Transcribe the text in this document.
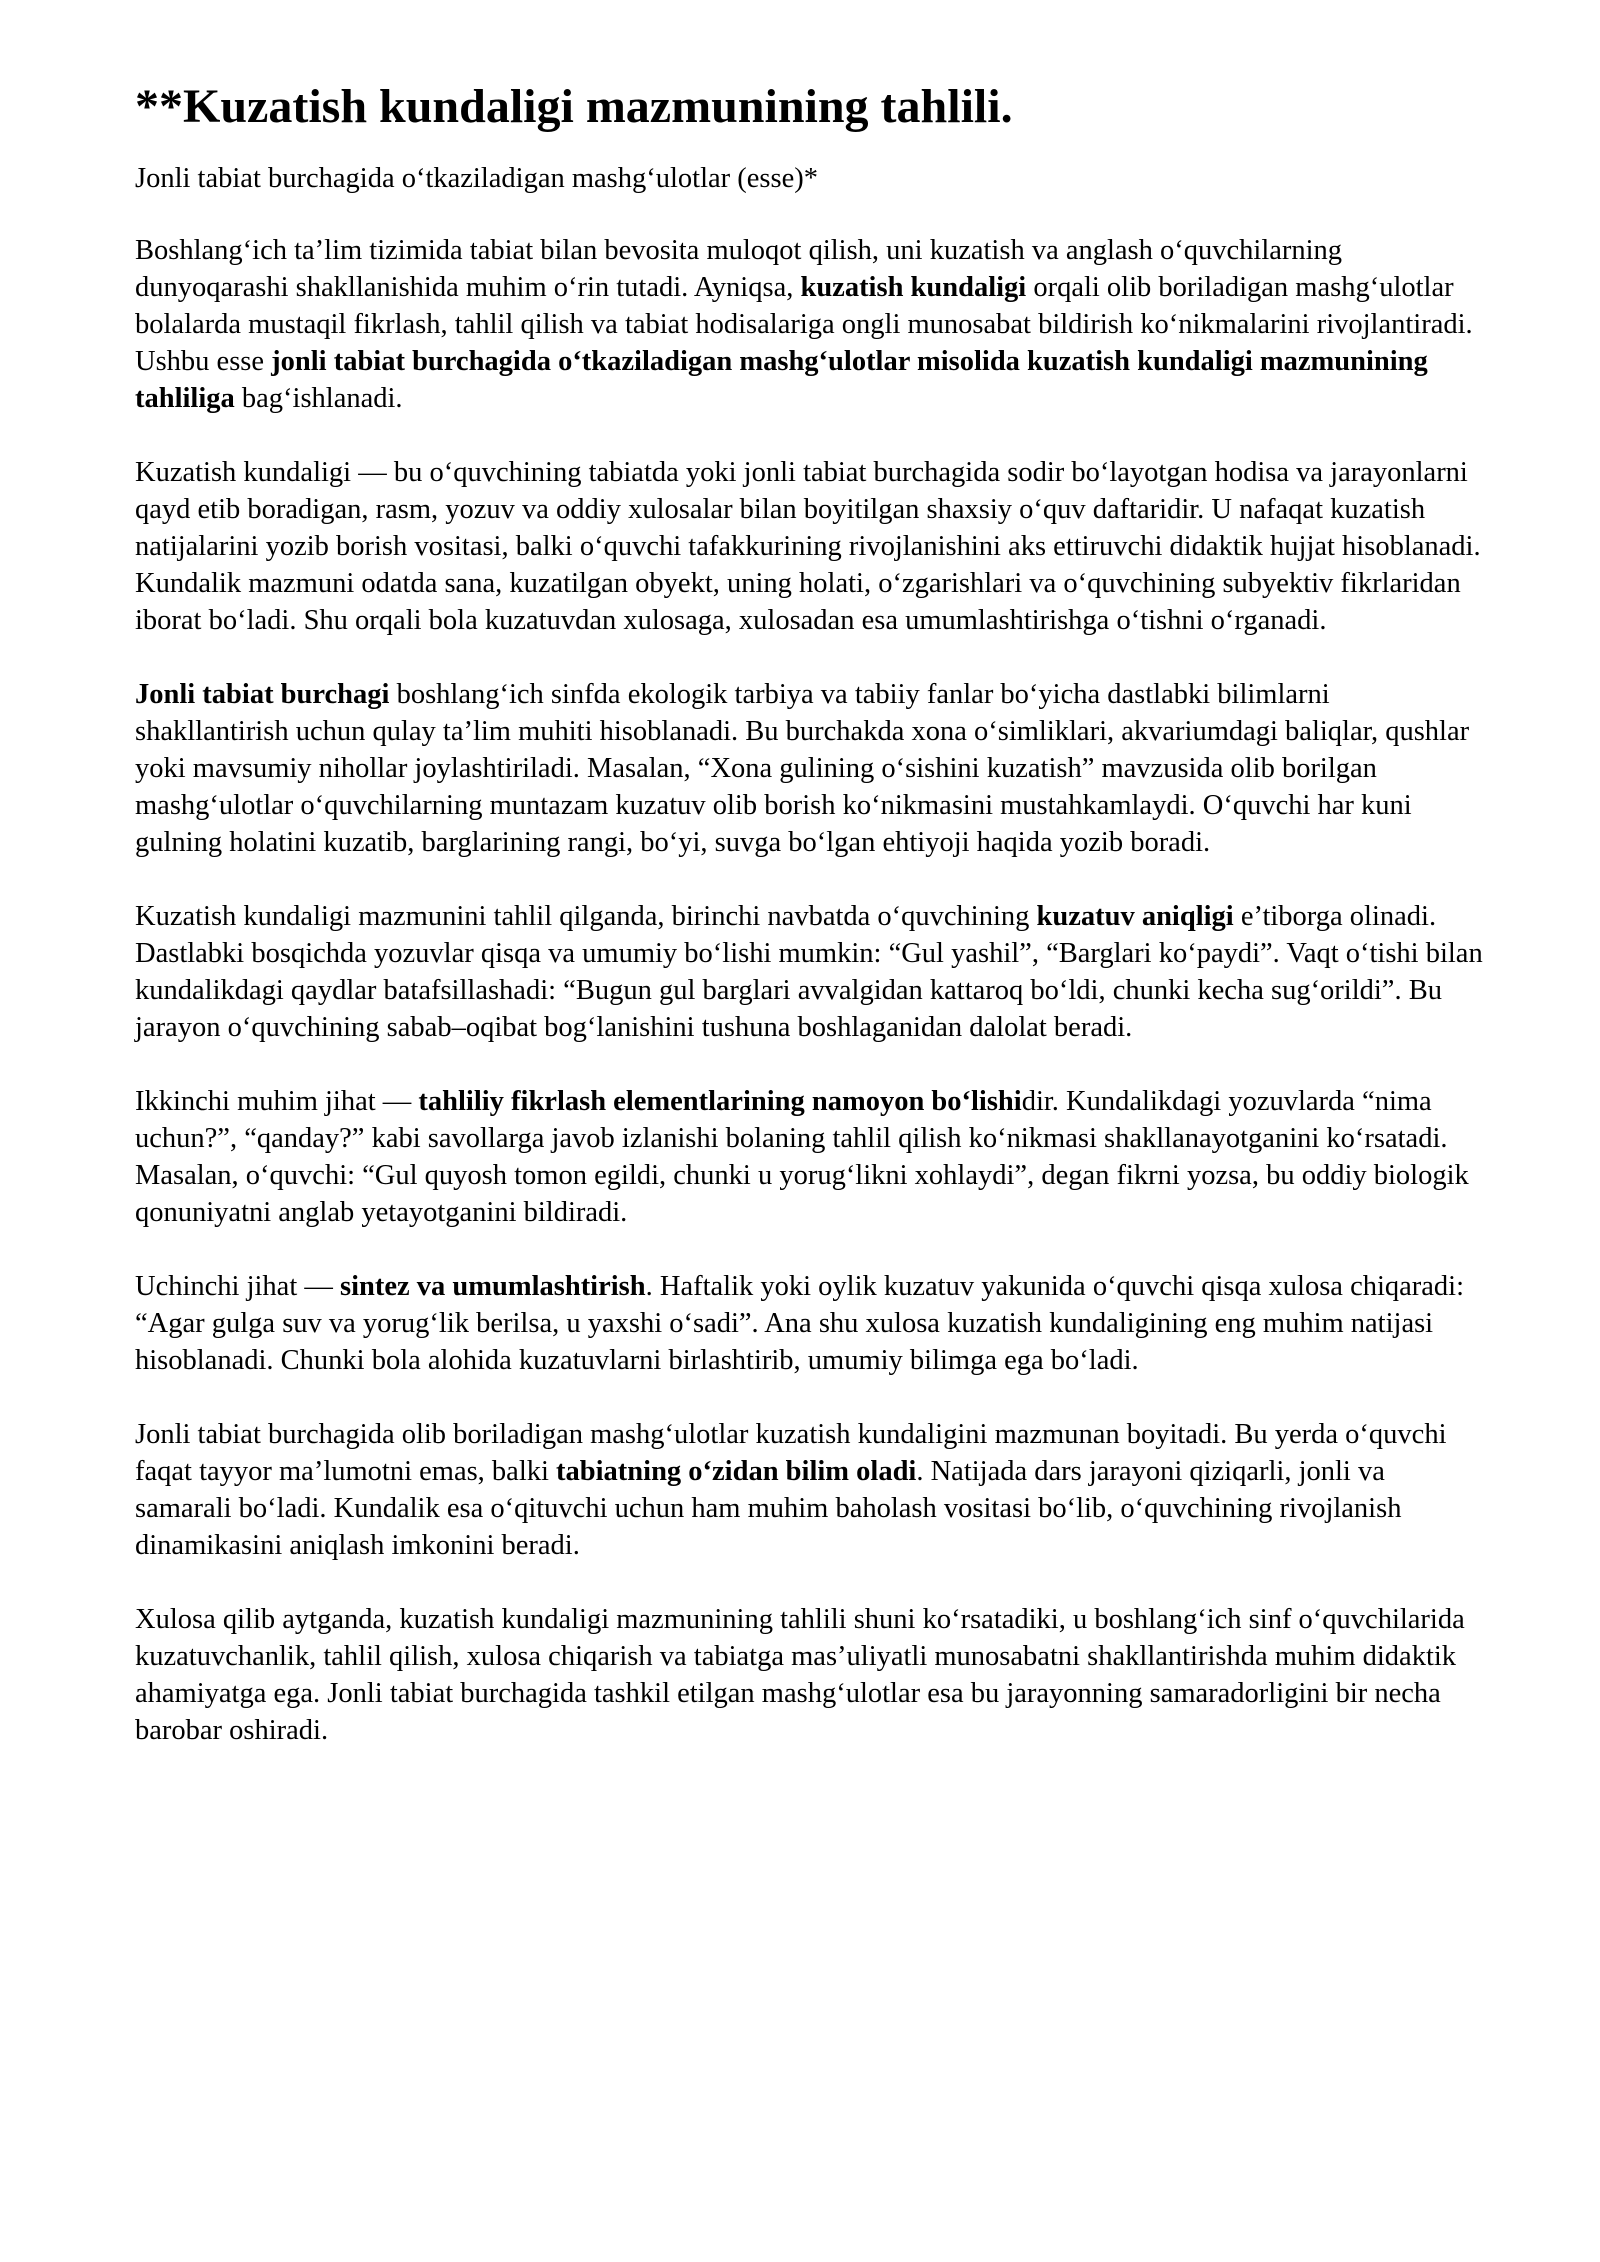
**Kuzatish kundaligi mazmunining tahlili.

Jonli tabiat burchagida o‘tkaziladigan mashg‘ulotlar (esse)*

Boshlang‘ich ta’lim tizimida tabiat bilan bevosita muloqot qilish, uni kuzatish va anglash o‘quvchilarning dunyoqarashi shakllanishida muhim o‘rin tutadi. Ayniqsa, kuzatish kundaligi orqali olib boriladigan mashg‘ulotlar bolalarda mustaqil fikrlash, tahlil qilish va tabiat hodisalariga ongli munosabat bildirish ko‘nikmalarini rivojlantiradi. Ushbu esse jonli tabiat burchagida o‘tkaziladigan mashg‘ulotlar misolida kuzatish kundaligi mazmunining tahliliga bag‘ishlanadi.

Kuzatish kundaligi — bu o‘quvchining tabiatda yoki jonli tabiat burchagida sodir bo‘layotgan hodisa va jarayonlarni qayd etib boradigan, rasm, yozuv va oddiy xulosalar bilan boyitilgan shaxsiy o‘quv daftaridir. U nafaqat kuzatish natijalarini yozib borish vositasi, balki o‘quvchi tafakkurining rivojlanishini aks ettiruvchi didaktik hujjat hisoblanadi. Kundalik mazmuni odatda sana, kuzatilgan obyekt, uning holati, o‘zgarishlari va o‘quvchining subyektiv fikrlaridan iborat bo‘ladi. Shu orqali bola kuzatuvdan xulosaga, xulosadan esa umumlashtirishga o‘tishni o‘rganadi.

Jonli tabiat burchagi boshlang‘ich sinfda ekologik tarbiya va tabiiy fanlar bo‘yicha dastlabki bilimlarni shakllantirish uchun qulay ta’lim muhiti hisoblanadi. Bu burchakda xona o‘simliklari, akvariumdagi baliqlar, qushlar yoki mavsumiy nihollar joylashtiriladi. Masalan, “Xona gulining o‘sishini kuzatish” mavzusida olib borilgan mashg‘ulotlar o‘quvchilarning muntazam kuzatuv olib borish ko‘nikmasini mustahkamlaydi. O‘quvchi har kuni gulning holatini kuzatib, barglarining rangi, bo‘yi, suvga bo‘lgan ehtiyoji haqida yozib boradi.

Kuzatish kundaligi mazmunini tahlil qilganda, birinchi navbatda o‘quvchining kuzatuv aniqligi e’tiborga olinadi. Dastlabki bosqichda yozuvlar qisqa va umumiy bo‘lishi mumkin: “Gul yashil”, “Barglari ko‘paydi”. Vaqt o‘tishi bilan kundalikdagi qaydlar batafsillashadi: “Bugun gul barglari avvalgidan kattaroq bo‘ldi, chunki kecha sug‘orildi”. Bu jarayon o‘quvchining sabab–oqibat bog‘lanishini tushuna boshlaganidan dalolat beradi.

Ikkinchi muhim jihat — tahliliy fikrlash elementlarining namoyon bo‘lishidir. Kundalikdagi yozuvlarda “nima uchun?”, “qanday?” kabi savollarga javob izlanishi bolaning tahlil qilish ko‘nikmasi shakllanayotganini ko‘rsatadi. Masalan, o‘quvchi: “Gul quyosh tomon egildi, chunki u yorug‘likni xohlaydi”, degan fikrni yozsa, bu oddiy biologik qonuniyatni anglab yetayotganini bildiradi.

Uchinchi jihat — sintez va umumlashtirish. Haftalik yoki oylik kuzatuv yakunida o‘quvchi qisqa xulosa chiqaradi: “Agar gulga suv va yorug‘lik berilsa, u yaxshi o‘sadi”. Ana shu xulosa kuzatish kundaligining eng muhim natijasi hisoblanadi. Chunki bola alohida kuzatuvlarni birlashtirib, umumiy bilimga ega bo‘ladi.

Jonli tabiat burchagida olib boriladigan mashg‘ulotlar kuzatish kundaligini mazmunan boyitadi. Bu yerda o‘quvchi faqat tayyor ma’lumotni emas, balki tabiatning o‘zidan bilim oladi. Natijada dars jarayoni qiziqarli, jonli va samarali bo‘ladi. Kundalik esa o‘qituvchi uchun ham muhim baholash vositasi bo‘lib, o‘quvchining rivojlanish dinamikasini aniqlash imkonini beradi.

Xulosa qilib aytganda, kuzatish kundaligi mazmunining tahlili shuni ko‘rsatadiki, u boshlang‘ich sinf o‘quvchilarida kuzatuvchanlik, tahlil qilish, xulosa chiqarish va tabiatga mas’uliyatli munosabatni shakllantirishda muhim didaktik ahamiyatga ega. Jonli tabiat burchagida tashkil etilgan mashg‘ulotlar esa bu jarayonning samaradorligini bir necha barobar oshiradi.
